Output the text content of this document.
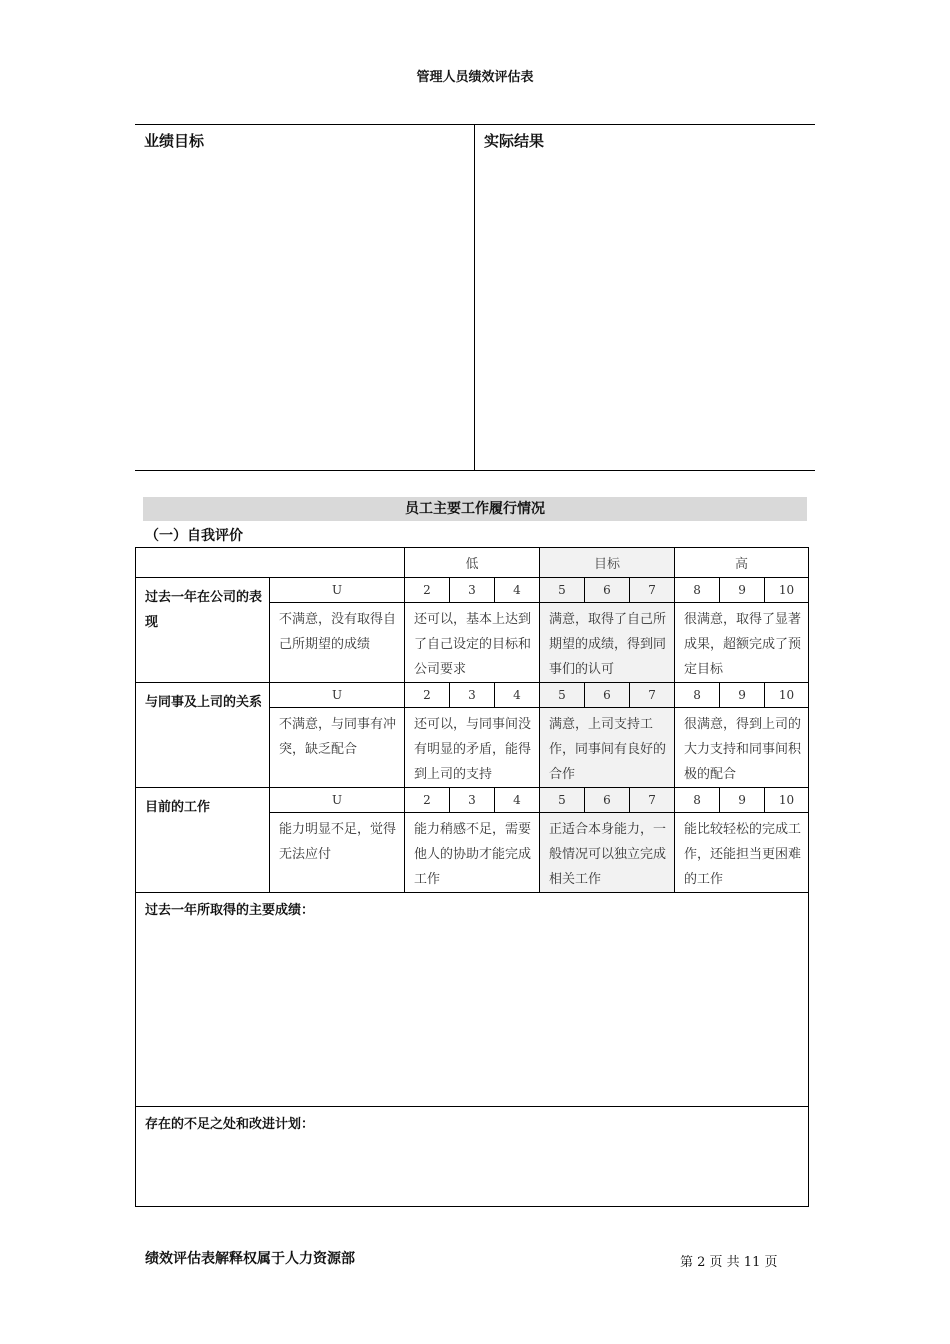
管理人员绩效评估表
业绩目标	实际结果
员工主要工作履行情况
（一）自我评价
		低			目标			高		
过去一年在公司的表现	U	2	3	4	5	6	7	8	9	10
	不满意，没有取得自己所期望的成绩	还可以，基本上达到了自己设定的目标和公司要求			满意，取得了自己所期望的成绩，得到同事们的认可			很满意，取得了显著成果，超额完成了预定目标		
与同事及上司的关系	U	2	3	4	5	6	7	8	9	10
	不满意，与同事有冲突，缺乏配合	还可以，与同事间没有明显的矛盾，能得到上司的支持			满意，上司支持工作，同事间有良好的合作			很满意，得到上司的大力支持和同事间积极的配合		
目前的工作	U	2	3	4	5	6	7	8	9	10
	能力明显不足，觉得无法应付	能力稍感不足，需要他人的协助才能完成工作			正适合本身能力，一般情况可以独立完成相关工作			能比较轻松的完成工作，还能担当更困难的工作		
过去一年所取得的主要成绩：										
存在的不足之处和改进计划：										
绩效评估表解释权属于人力资源部	第 2 页 共 11 页
